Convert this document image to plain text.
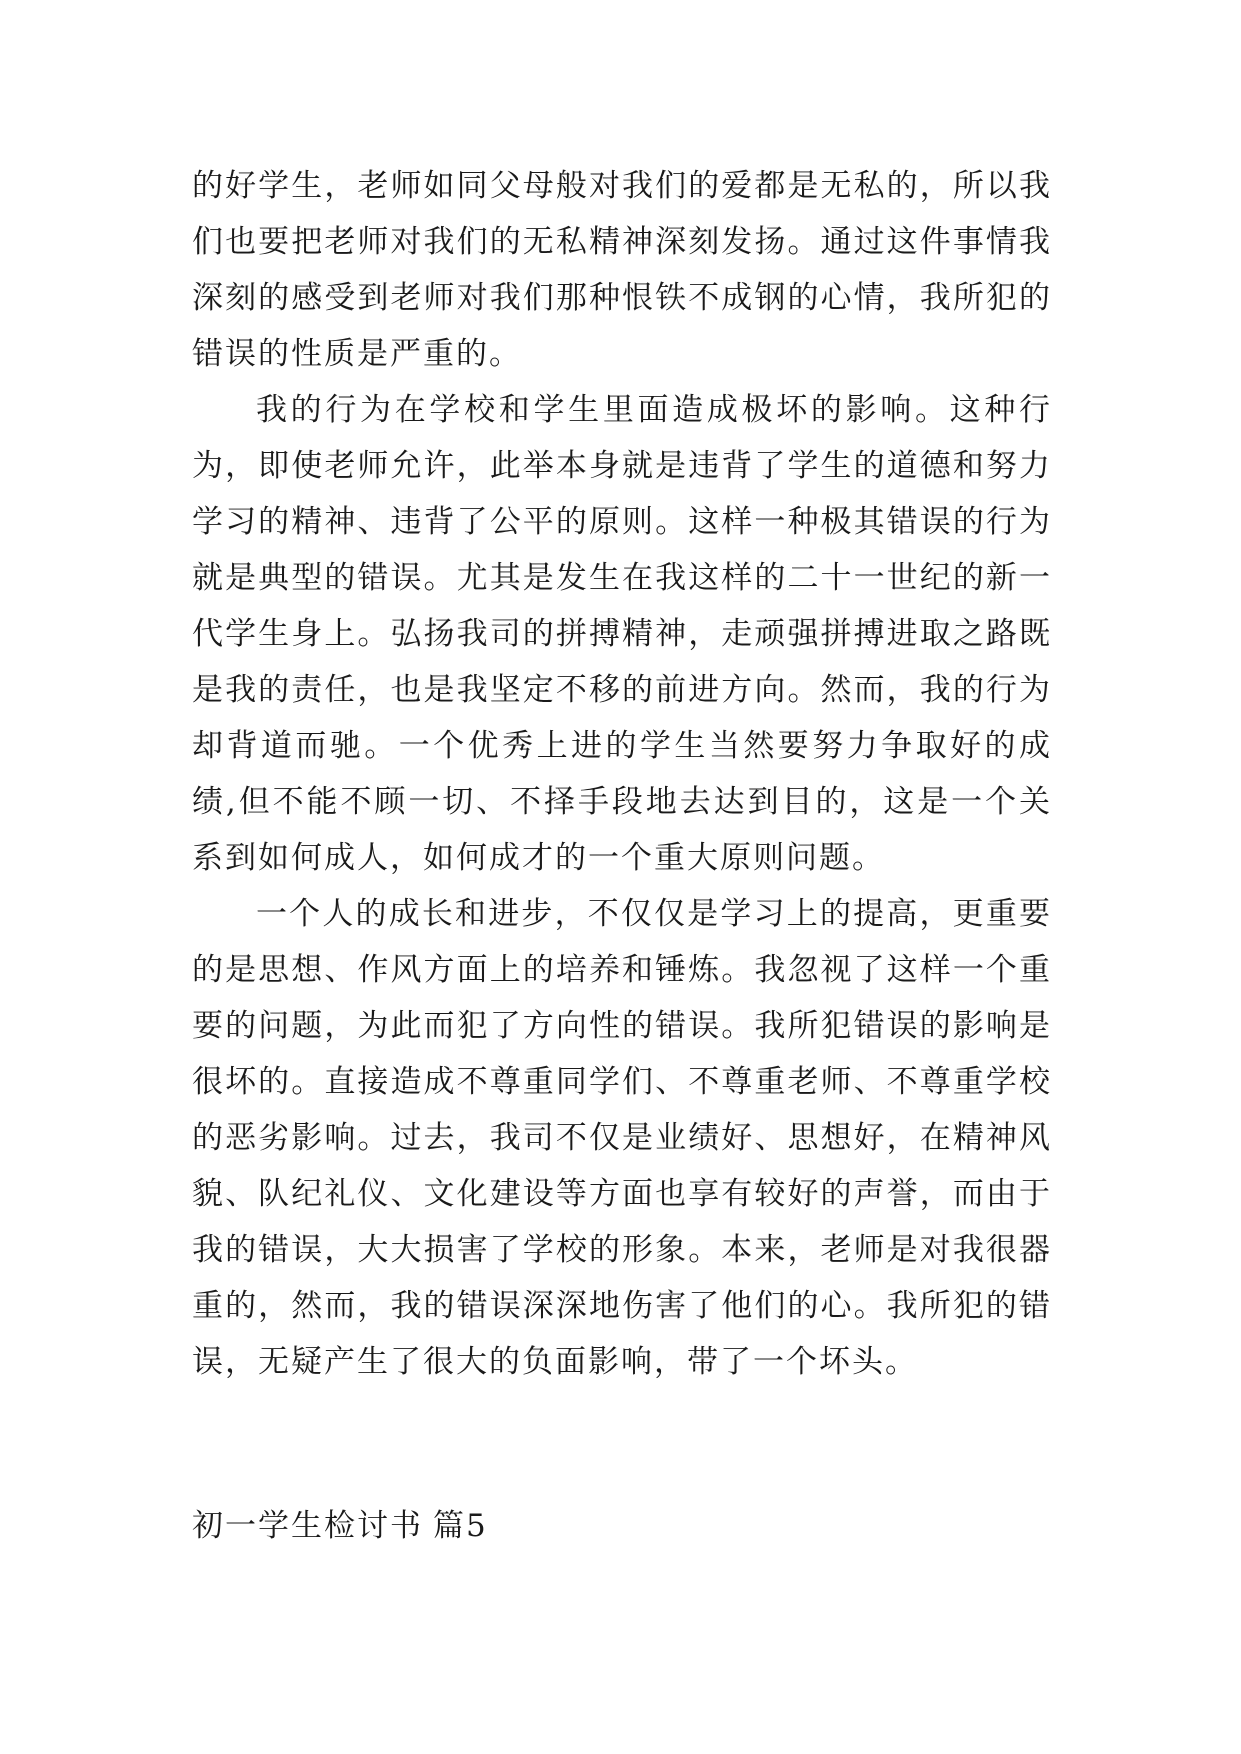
的好学生，老师如同父母般对我们的爱都是无私的，所以我们也要把老师对我们的无私精神深刻发扬。通过这件事情我深刻的感受到老师对我们那种恨铁不成钢的心情，我所犯的错误的性质是严重的。

我的行为在学校和学生里面造成极坏的影响。这种行为，即使老师允许，此举本身就是违背了学生的道德和努力学习的精神、违背了公平的原则。这样一种极其错误的行为就是典型的错误。尤其是发生在我这样的二十一世纪的新一代学生身上。弘扬我司的拼搏精神，走顽强拼搏进取之路既是我的责任，也是我坚定不移的前进方向。然而，我的行为却背道而驰。一个优秀上进的学生当然要努力争取好的成绩,但不能不顾一切、不择手段地去达到目的，这是一个关系到如何成人，如何成才的一个重大原则问题。

一个人的成长和进步，不仅仅是学习上的提高，更重要的是思想、作风方面上的培养和锤炼。我忽视了这样一个重要的问题，为此而犯了方向性的错误。我所犯错误的影响是很坏的。直接造成不尊重同学们、不尊重老师、不尊重学校的恶劣影响。过去，我司不仅是业绩好、思想好，在精神风貌、队纪礼仪、文化建设等方面也享有较好的声誉，而由于我的错误，大大损害了学校的形象。本来，老师是对我很器重的，然而，我的错误深深地伤害了他们的心。我所犯的错误，无疑产生了很大的负面影响，带了一个坏头。

初一学生检讨书 篇5
